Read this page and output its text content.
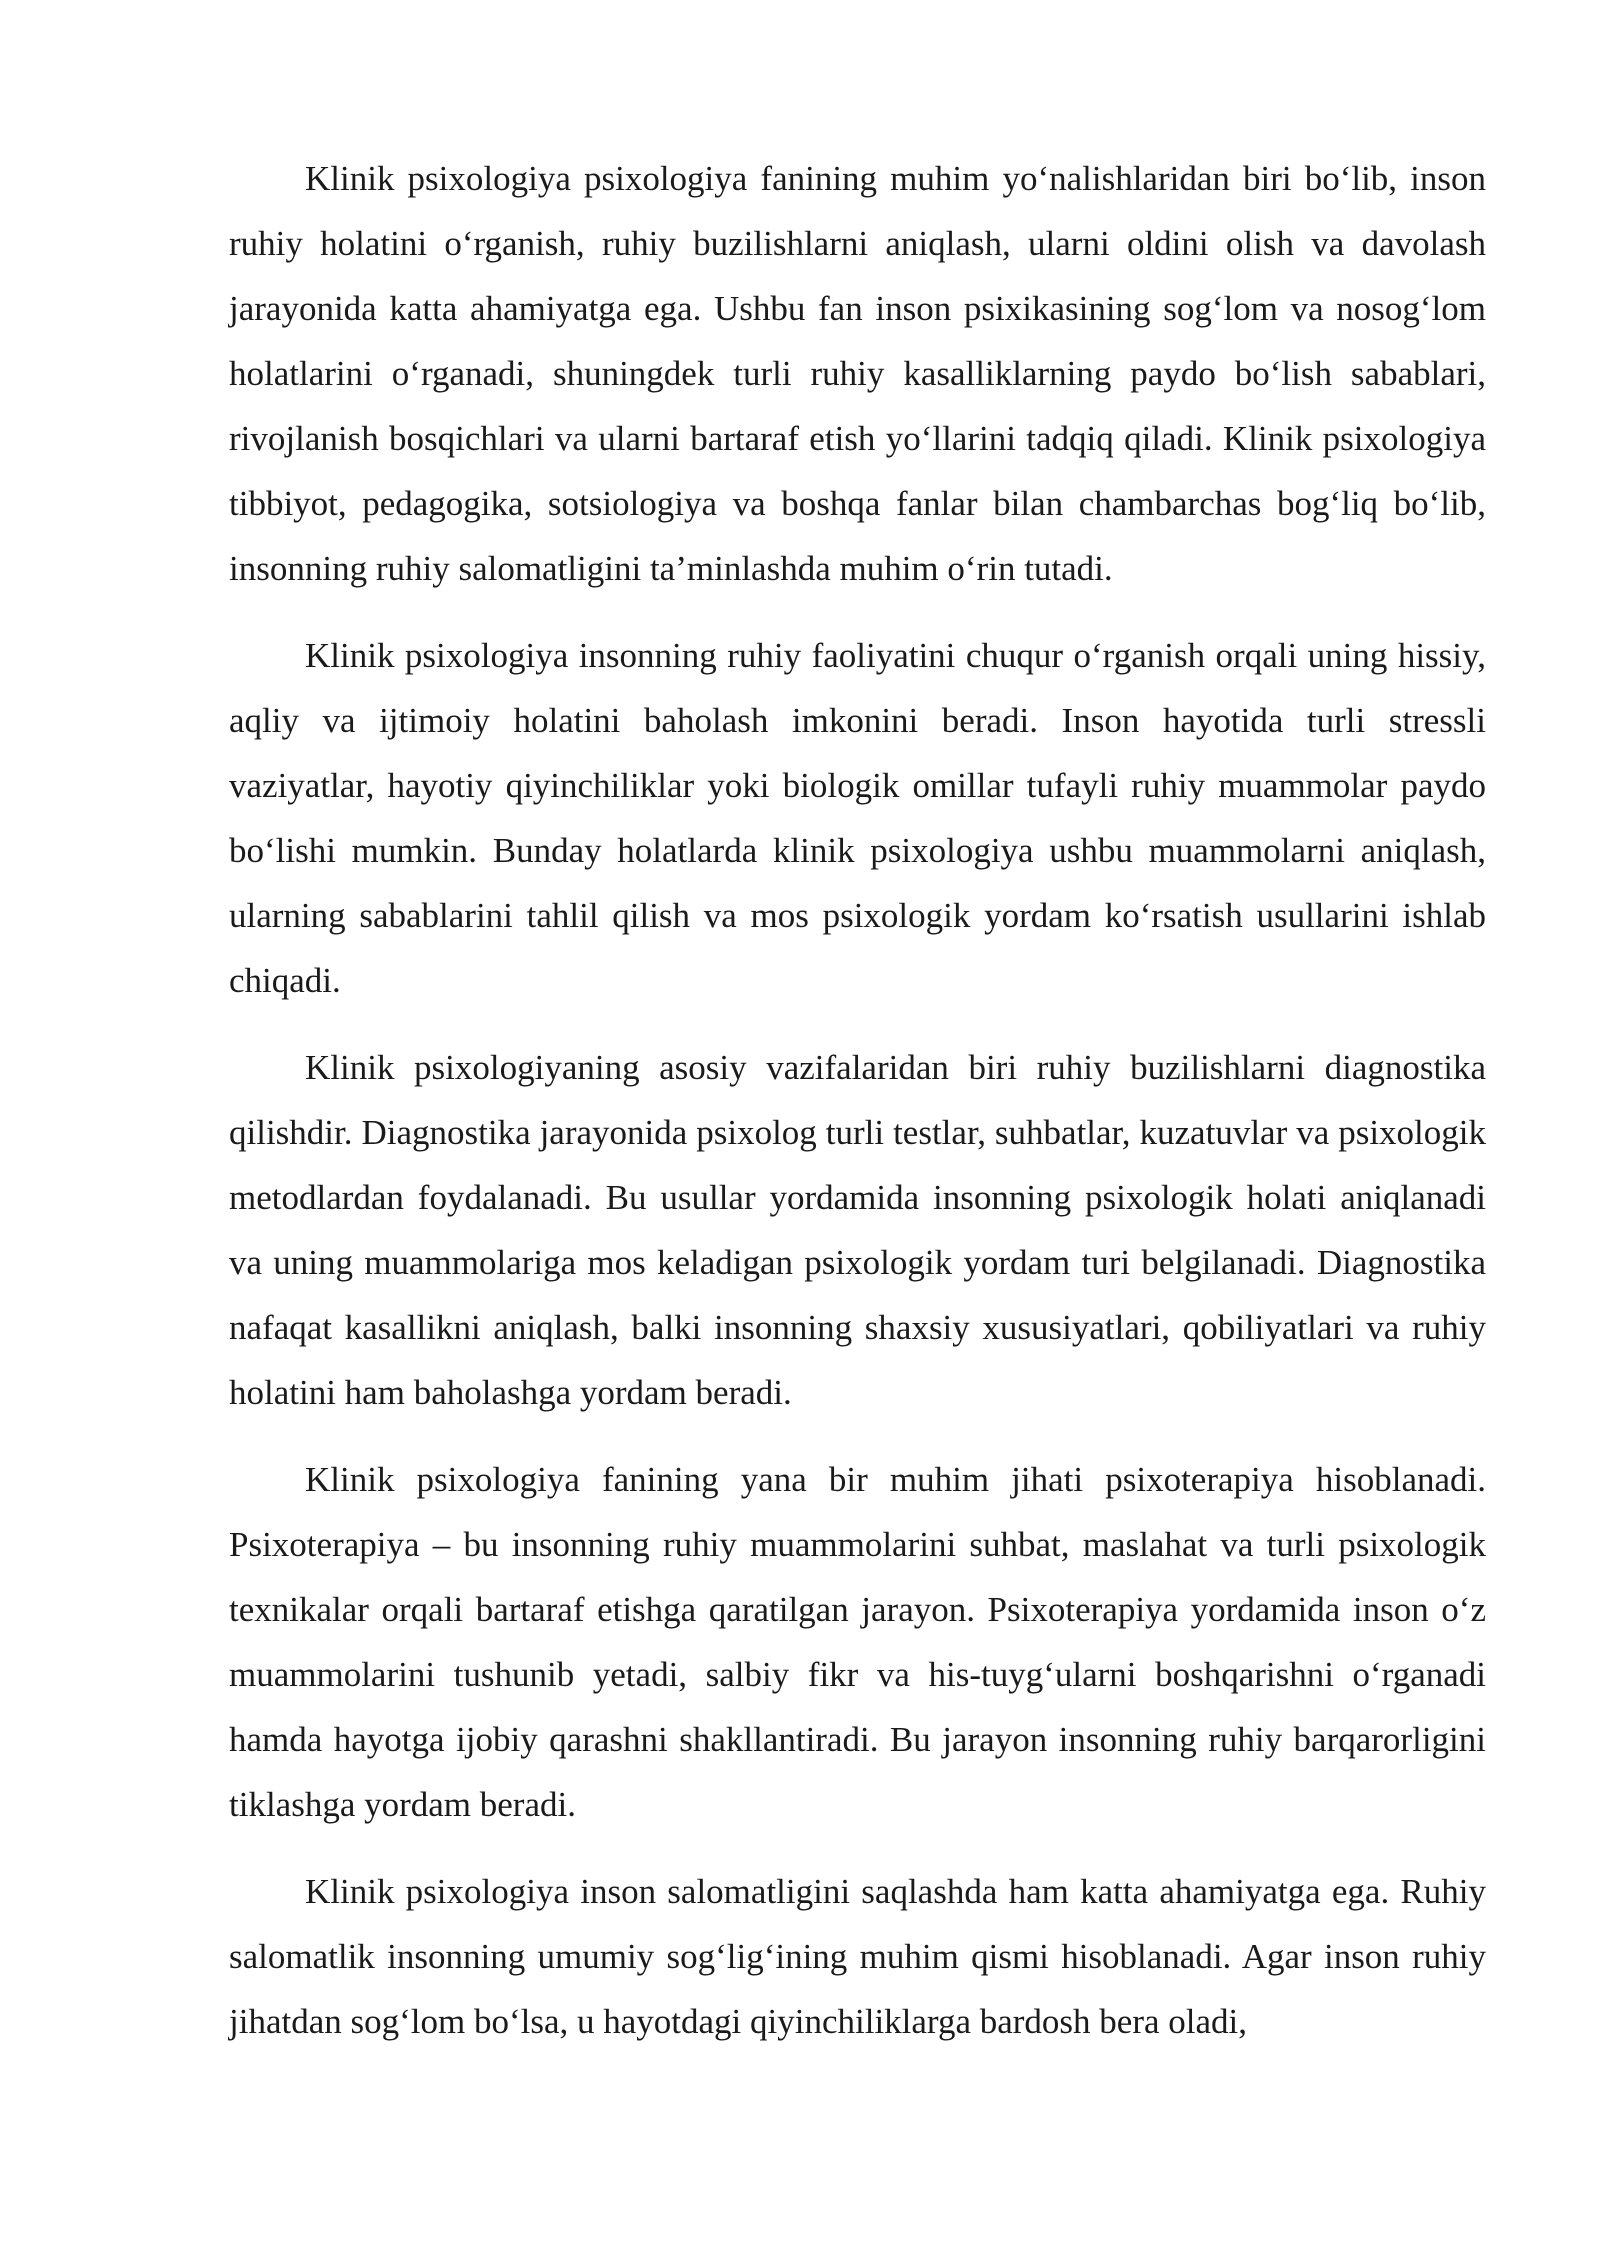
Klinik psixologiya psixologiya fanining muhim yo‘nalishlaridan biri bo‘lib, inson ruhiy holatini o‘rganish, ruhiy buzilishlarni aniqlash, ularni oldini olish va davolash jarayonida katta ahamiyatga ega. Ushbu fan inson psixikasining sog‘lom va nosog‘lom holatlarini o‘rganadi, shuningdek turli ruhiy kasalliklarning paydo bo‘lish sabablari, rivojlanish bosqichlari va ularni bartaraf etish yo‘llarini tadqiq qiladi. Klinik psixologiya tibbiyot, pedagogika, sotsiologiya va boshqa fanlar bilan chambarchas bog‘liq bo‘lib, insonning ruhiy salomatligini ta’minlashda muhim o‘rin tutadi.

Klinik psixologiya insonning ruhiy faoliyatini chuqur o‘rganish orqali uning hissiy, aqliy va ijtimoiy holatini baholash imkonini beradi. Inson hayotida turli stressli vaziyatlar, hayotiy qiyinchiliklar yoki biologik omillar tufayli ruhiy muammolar paydo bo‘lishi mumkin. Bunday holatlarda klinik psixologiya ushbu muammolarni aniqlash, ularning sabablarini tahlil qilish va mos psixologik yordam ko‘rsatish usullarini ishlab chiqadi.

Klinik psixologiyaning asosiy vazifalaridan biri ruhiy buzilishlarni diagnostika qilishdir. Diagnostika jarayonida psixolog turli testlar, suhbatlar, kuzatuvlar va psixologik metodlardan foydalanadi. Bu usullar yordamida insonning psixologik holati aniqlanadi va uning muammolariga mos keladigan psixologik yordam turi belgilanadi. Diagnostika nafaqat kasallikni aniqlash, balki insonning shaxsiy xususiyatlari, qobiliyatlari va ruhiy holatini ham baholashga yordam beradi.

Klinik psixologiya fanining yana bir muhim jihati psixoterapiya hisoblanadi. Psixoterapiya – bu insonning ruhiy muammolarini suhbat, maslahat va turli psixologik texnikalar orqali bartaraf etishga qaratilgan jarayon. Psixoterapiya yordamida inson o‘z muammolarini tushunib yetadi, salbiy fikr va his-tuyg‘ularni boshqarishni o‘rganadi hamda hayotga ijobiy qarashni shakllantiradi. Bu jarayon insonning ruhiy barqarorligini tiklashga yordam beradi.

Klinik psixologiya inson salomatligini saqlashda ham katta ahamiyatga ega. Ruhiy salomatlik insonning umumiy sog‘lig‘ining muhim qismi hisoblanadi. Agar inson ruhiy jihatdan sog‘lom bo‘lsa, u hayotdagi qiyinchiliklarga bardosh bera oladi,
